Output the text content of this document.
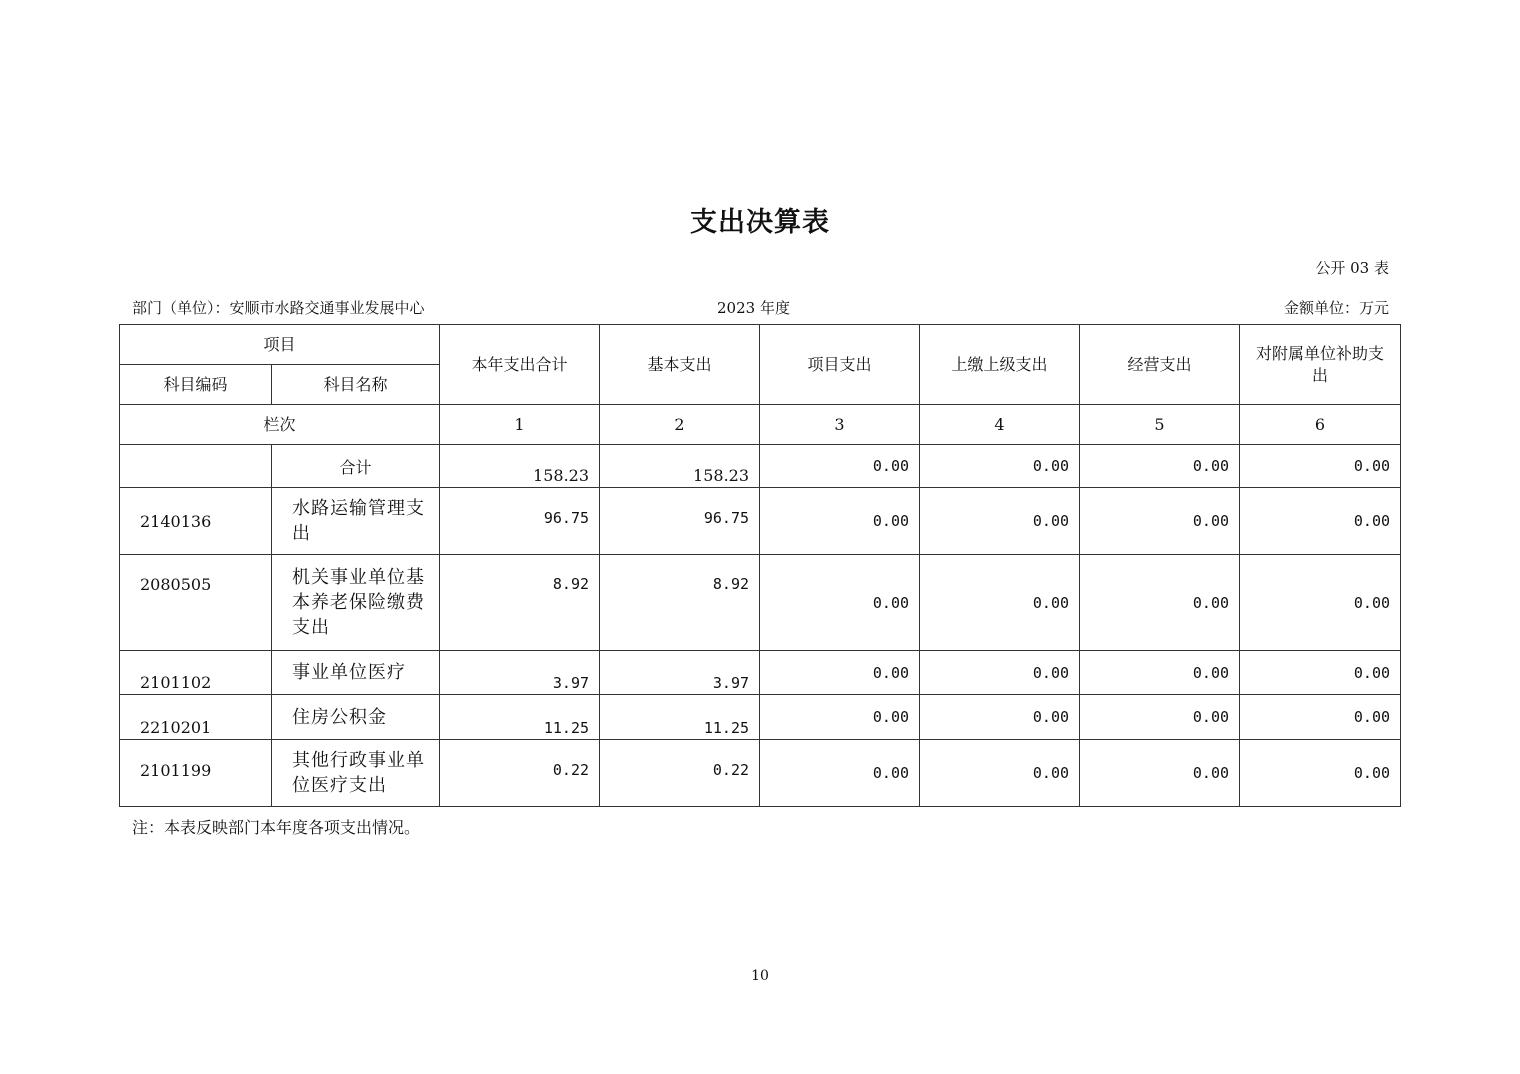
支出决算表
公开 03 表
部门（单位）：安顺市水路交通事业发展中心	2023 年度	金额单位：万元
项目		本年支出合计	基本支出	项目支出	上缴上级支出	经营支出	对附属单位补助支出
科目编码	科目名称						
栏次		1	2	3	4	5	6
	合计	158.23	158.23	0.00	0.00	0.00	0.00
2140136	水路运输管理支出	96.75	96.75	0.00	0.00	0.00	0.00
2080505	机关事业单位基本养老保险缴费支出	8.92	8.92	0.00	0.00	0.00	0.00
2101102	事业单位医疗	3.97	3.97	0.00	0.00	0.00	0.00
2210201	住房公积金	11.25	11.25	0.00	0.00	0.00	0.00
2101199	其他行政事业单位医疗支出	0.22	0.22	0.00	0.00	0.00	0.00
注：本表反映部门本年度各项支出情况。
10
